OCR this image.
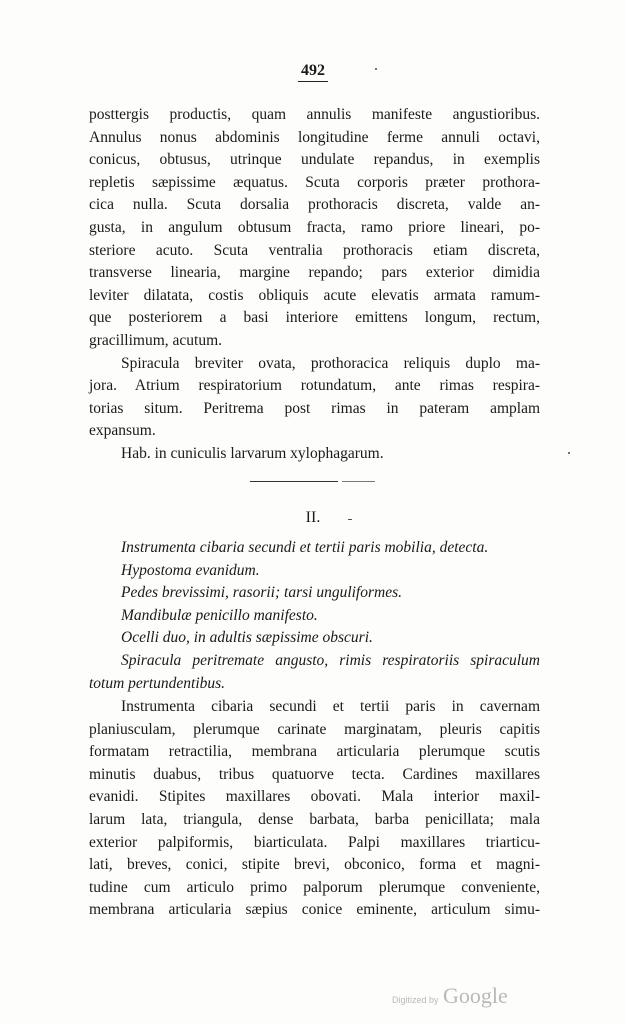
492
posttergis productis, quam annulis manifeste angustioribus.
Annulus nonus abdominis longitudine ferme annuli octavi,
conicus, obtusus, utrinque undulate repandus, in exemplis
repletis sæpissime æquatus. Scuta corporis præter prothora-
cica nulla. Scuta dorsalia prothoracis discreta, valde an-
gusta, in angulum obtusum fracta, ramo priore lineari, po-
steriore acuto. Scuta ventralia prothoracis etiam discreta,
transverse linearia, margine repando; pars exterior dimidia
leviter dilatata, costis obliquis acute elevatis armata ramum-
que posteriorem a basi interiore emittens longum, rectum,
gracillimum, acutum.
Spiracula breviter ovata, prothoracica reliquis duplo ma-
jora. Atrium respiratorium rotundatum, ante rimas respira-
torias situm. Peritrema post rimas in pateram amplam
expansum.
Hab. in cuniculis larvarum xylophagarum.
II.
Instrumenta cibaria secundi et tertii paris mobilia, detecta.
Hypostoma evanidum.
Pedes brevissimi, rasorii; tarsi unguliformes.
Mandibulæ penicillo manifesto.
Ocelli duo, in adultis sæpissime obscuri.
Spiracula peritremate angusto, rimis respiratoriis spiraculum
totum pertundentibus.
Instrumenta cibaria secundi et tertii paris in cavernam
planiusculam, plerumque carinate marginatam, pleuris capitis
formatam retractilia, membrana articularia plerumque scutis
minutis duabus, tribus quatuorve tecta. Cardines maxillares
evanidi. Stipites maxillares obovati. Mala interior maxil-
larum lata, triangula, dense barbata, barba penicillata; mala
exterior palpiformis, biarticulata. Palpi maxillares triarticu-
lati, breves, conici, stipite brevi, obconico, forma et magni-
tudine cum articulo primo palporum plerumque conveniente,
membrana articularia sæpius conice eminente, articulum simu-
Digitized by Google
